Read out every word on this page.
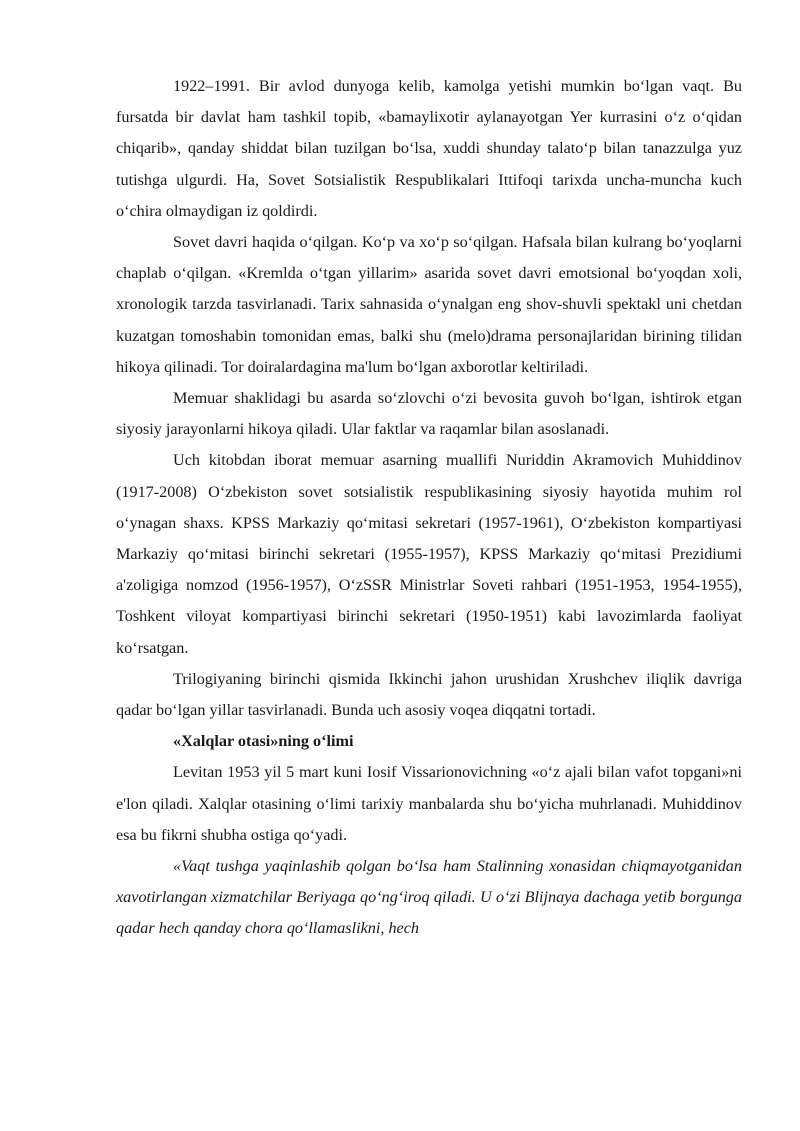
1922–1991. Bir avlod dunyoga kelib, kamolga yetishi mumkin boʻlgan vaqt. Bu fursatda bir davlat ham tashkil topib, «bamaylixotir aylanayotgan Yer kurrasini oʻz oʻqidan chiqarib», qanday shiddat bilan tuzilgan boʻlsa, xuddi shunday talatoʻp bilan tanazzulga yuz tutishga ulgurdi. Ha, Sovet Sotsialistik Respublikalari Ittifoqi tarixda uncha-muncha kuch oʻchira olmaydigan iz qoldirdi.

Sovet davri haqida oʻqilgan. Koʻp va xoʻp soʻqilgan. Hafsala bilan kulrang boʻyoqlarni chaplab oʻqilgan. «Kremlda oʻtgan yillarim» asarida sovet davri emotsional boʻyoqdan xoli, xronologik tarzda tasvirlanadi. Tarix sahnasida oʻynalgan eng shov-shuvli spektakl uni chetdan kuzatgan tomoshabin tomonidan emas, balki shu (melo)drama personajlaridan birining tilidan hikoya qilinadi. Tor doiralardagina ma'lum boʻlgan axborotlar keltiriladi.

Memuar shaklidagi bu asarda soʻzlovchi oʻzi bevosita guvoh boʻlgan, ishtirok etgan siyosiy jarayonlarni hikoya qiladi. Ular faktlar va raqamlar bilan asoslanadi.

Uch kitobdan iborat memuar asarning muallifi Nuriddin Akramovich Muhiddinov (1917-2008) Oʻzbekiston sovet sotsialistik respublikasining siyosiy hayotida muhim rol oʻynagan shaxs. KPSS Markaziy qoʻmitasi sekretari (1957-1961), Oʻzbekiston kompartiyasi Markaziy qoʻmitasi birinchi sekretari (1955-1957), KPSS Markaziy qoʻmitasi Prezidiumi a'zoligiga nomzod (1956-1957), OʻzSSR Ministrlar Soveti rahbari (1951-1953, 1954-1955), Toshkent viloyat kompartiyasi birinchi sekretari (1950-1951) kabi lavozimlarda faoliyat koʻrsatgan.

Trilogiyaning birinchi qismida Ikkinchi jahon urushidan Xrushchev iliqlik davriga qadar boʻlgan yillar tasvirlanadi. Bunda uch asosiy voqea diqqatni tortadi.

«Xalqlar otasi»ning oʻlimi

Levitan 1953 yil 5 mart kuni Iosif Vissarionovichning «oʻz ajali bilan vafot topgani»ni e'lon qiladi. Xalqlar otasining oʻlimi tarixiy manbalarda shu boʻyicha muhrlanadi. Muhiddinov esa bu fikrni shubha ostiga qoʻyadi.

«Vaqt tushga yaqinlashib qolgan boʻlsa ham Stalinning xonasidan chiqmayotganidan xavotirlangan xizmatchilar Beriyaga qoʻngʻiroq qiladi. U oʻzi Blijnaya dachaga yetib borgunga qadar hech qanday chora qoʻllamaslikni, hech
